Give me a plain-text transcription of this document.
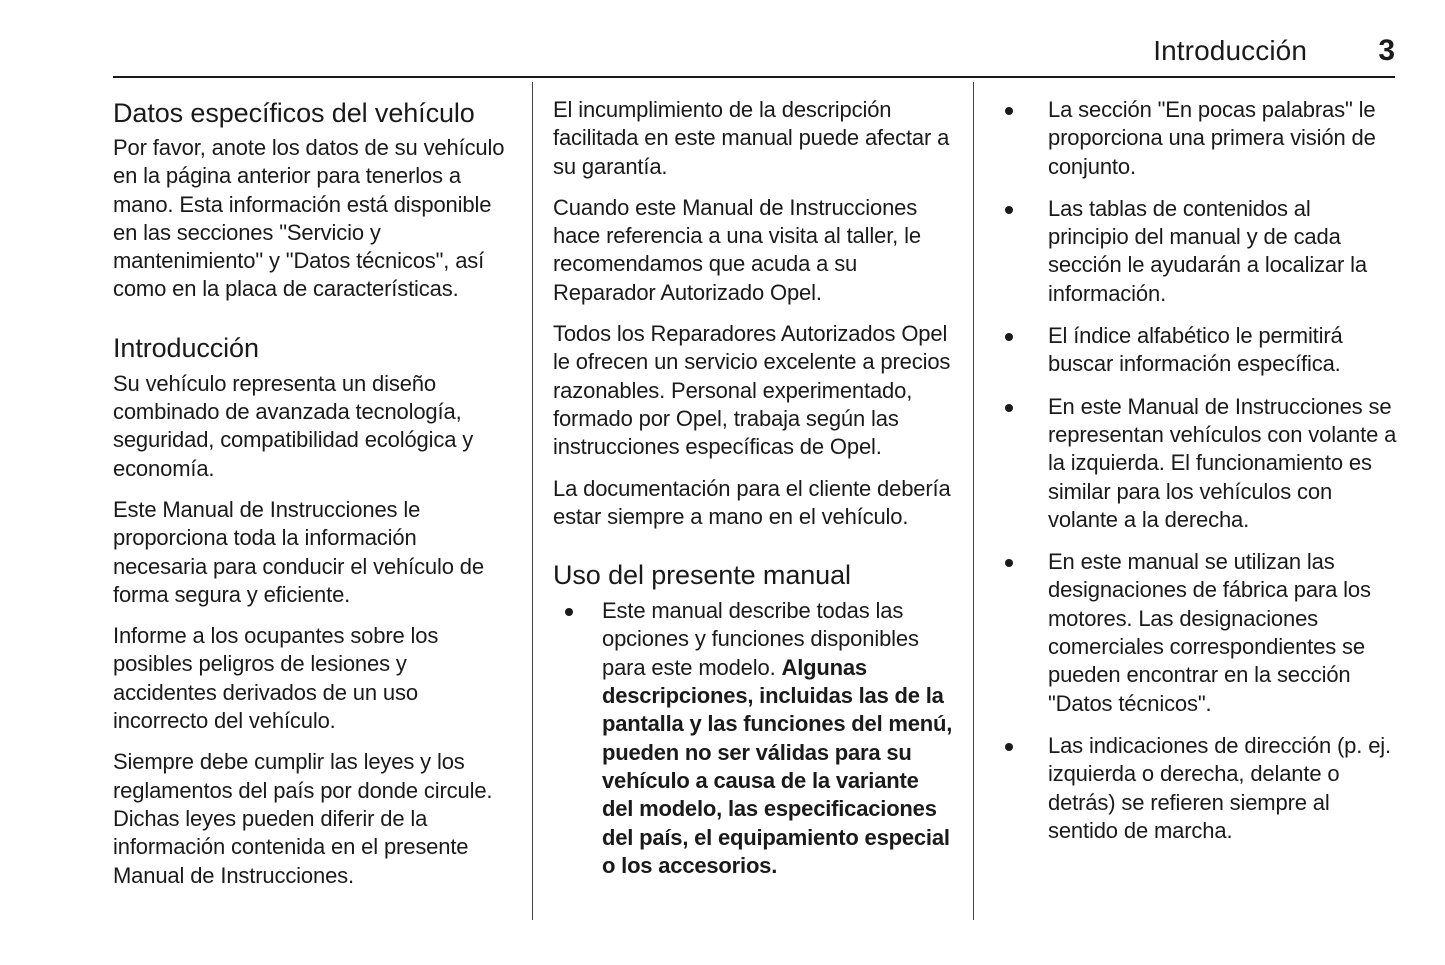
Introducción 3
Datos específicos del vehículo

Por favor, anote los datos de su vehículo en la página anterior para tenerlos a mano. Esta información está disponible en las secciones "Servicio y mantenimiento" y "Datos técnicos", así como en la placa de características.

Introducción

Su vehículo representa un diseño combinado de avanzada tecnología, seguridad, compatibilidad ecológica y economía.

Este Manual de Instrucciones le proporciona toda la información necesaria para conducir el vehículo de forma segura y eficiente.

Informe a los ocupantes sobre los posibles peligros de lesiones y accidentes derivados de un uso incorrecto del vehículo.

Siempre debe cumplir las leyes y los reglamentos del país por donde circule. Dichas leyes pueden diferir de la información contenida en el presente Manual de Instrucciones.

El incumplimiento de la descripción facilitada en este manual puede afectar a su garantía.

Cuando este Manual de Instrucciones hace referencia a una visita al taller, le recomendamos que acuda a su Reparador Autorizado Opel.

Todos los Reparadores Autorizados Opel le ofrecen un servicio excelente a precios razonables. Personal experimentado, formado por Opel, trabaja según las instrucciones específicas de Opel.

La documentación para el cliente debería estar siempre a mano en el vehículo.

Uso del presente manual
Este manual describe todas las opciones y funciones disponibles para este modelo. Algunas descripciones, incluidas las de la pantalla y las funciones del menú, pueden no ser válidas para su vehículo a causa de la variante del modelo, las especificaciones del país, el equipamiento especial o los accesorios.
La sección "En pocas palabras" le proporciona una primera visión de conjunto.
Las tablas de contenidos al principio del manual y de cada sección le ayudarán a localizar la información.
El índice alfabético le permitirá buscar información específica.
En este Manual de Instrucciones se representan vehículos con volante a la izquierda. El funcionamiento es similar para los vehículos con volante a la derecha.
En este manual se utilizan las designaciones de fábrica para los motores. Las designaciones comerciales correspondientes se pueden encontrar en la sección "Datos técnicos".
Las indicaciones de dirección (p. ej. izquierda o derecha, delante o detrás) se refieren siempre al sentido de marcha.
